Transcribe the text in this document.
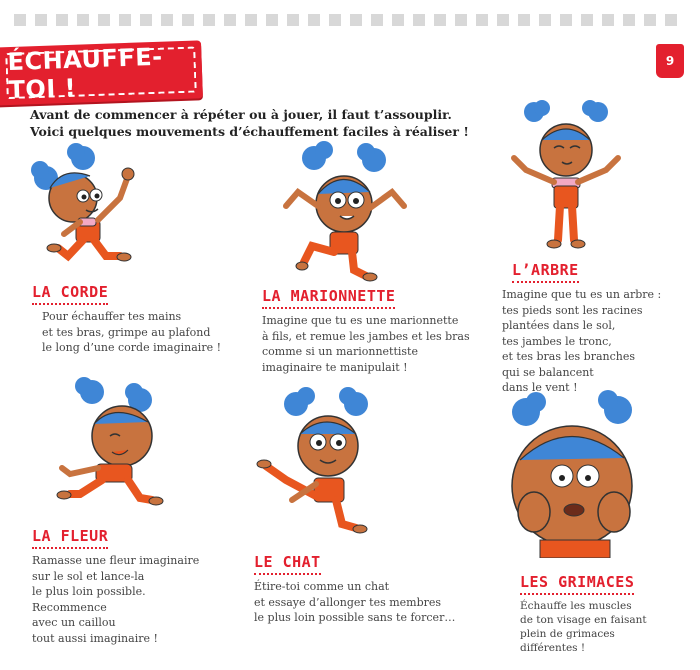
ÉCHAUFFE-TOI !
9
Avant de commencer à répéter ou à jouer, il faut t’assouplir.
Voici quelques mouvements d’échauffement faciles à réaliser !
LA CORDE
Pour échauffer tes mains
et tes bras, grimpe au plafond
le long d’une corde imaginaire !
LA MARIONNETTE
Imagine que tu es une marionnette
à fils, et remue les jambes et les bras
comme si un marionnettiste
imaginaire te manipulait !
L’ARBRE
Imagine que tu es un arbre :
tes pieds sont les racines
plantées dans le sol,
tes jambes le tronc,
et tes bras les branches
qui se balancent
dans le vent !
LA FLEUR
Ramasse une fleur imaginaire
sur le sol et lance-la
le plus loin possible.
Recommence
avec un caillou
tout aussi imaginaire !
LE CHAT
Étire-toi comme un chat
et essaye d’allonger tes membres
le plus loin possible sans te forcer…
LES GRIMACES
Échauffe les muscles
de ton visage en faisant
plein de grimaces
différentes !
